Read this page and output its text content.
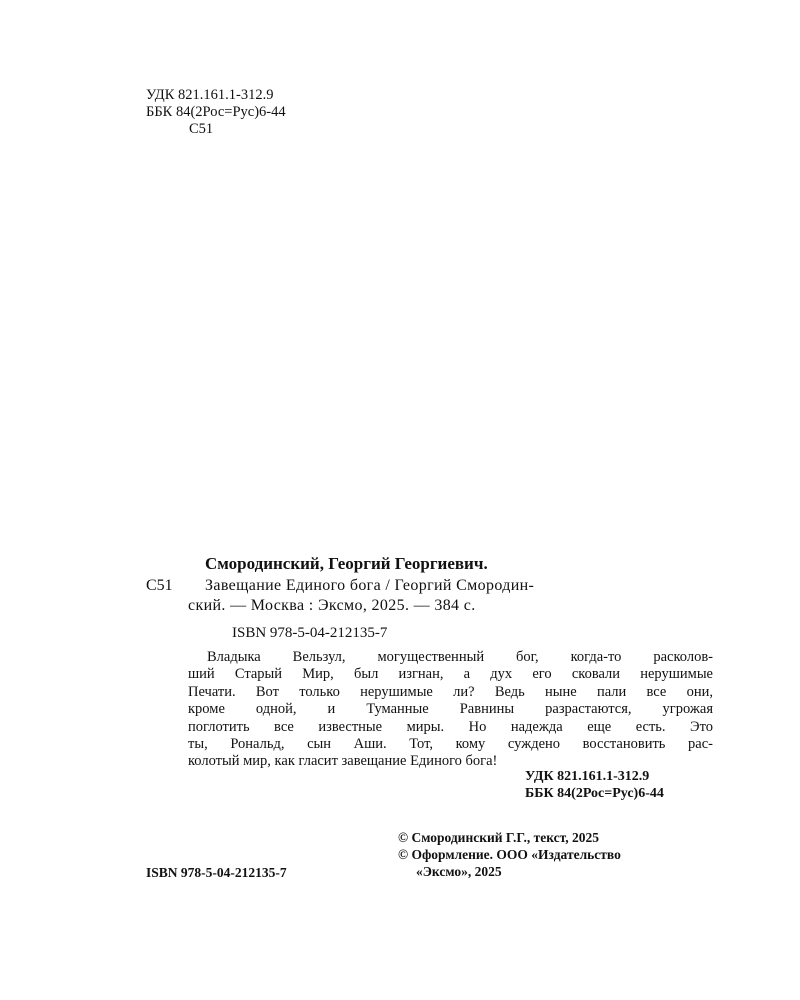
УДК 821.161.1-312.9
ББК 84(2Рос=Рус)6-44
С51
Смородинский, Георгий Георгиевич.
С51 Завещание Единого бога / Георгий Смородин-
ский. — Москва : Эксмо, 2025. — 384 с.
ISBN 978-5-04-212135-7
Владыка Вельзул, могущественный бог, когда-то расколов-
ший Старый Мир, был изгнан, а дух его сковали нерушимые
Печати. Вот только нерушимые ли? Ведь ныне пали все они,
кроме одной, и Туманные Равнины разрастаются, угрожая
поглотить все известные миры. Но надежда еще есть. Это
ты, Рональд, сын Аши. Тот, кому суждено восстановить рас-
колотый мир, как гласит завещание Единого бога!
УДК 821.161.1-312.9
ББК 84(2Рос=Рус)6-44
© Смородинский Г.Г., текст, 2025
© Оформление. ООО «Издательство
«Эксмо», 2025
ISBN 978-5-04-212135-7
